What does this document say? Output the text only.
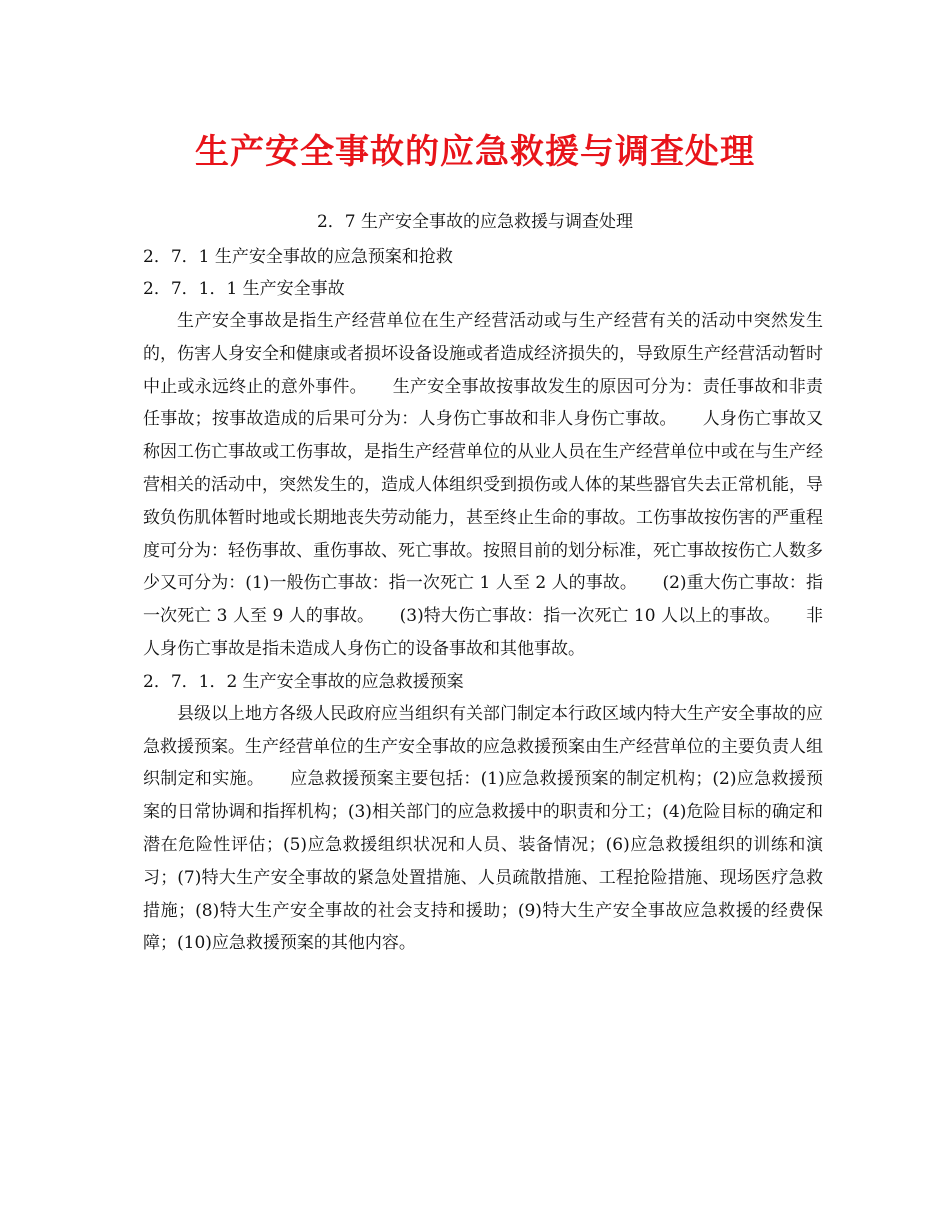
生产安全事故的应急救援与调查处理
2．7 生产安全事故的应急救援与调查处理
2．7．1 生产安全事故的应急预案和抢救
2．7．1．1 生产安全事故

生产安全事故是指生产经营单位在生产经营活动或与生产经营有关的活动中突然发生的，伤害人身安全和健康或者损坏设备设施或者造成经济损失的，导致原生产经营活动暂时中止或永远终止的意外事件。　　生产安全事故按事故发生的原因可分为：责任事故和非责任事故；按事故造成的后果可分为：人身伤亡事故和非人身伤亡事故。　　人身伤亡事故又称因工伤亡事故或工伤事故，是指生产经营单位的从业人员在生产经营单位中或在与生产经营相关的活动中，突然发生的，造成人体组织受到损伤或人体的某些器官失去正常机能，导致负伤肌体暂时地或长期地丧失劳动能力，甚至终止生命的事故。工伤事故按伤害的严重程度可分为：轻伤事故、重伤事故、死亡事故。按照目前的划分标准，死亡事故按伤亡人数多少又可分为：(1)一般伤亡事故：指一次死亡 1 人至 2 人的事故。　　(2)重大伤亡事故：指一次死亡 3 人至 9 人的事故。　　(3)特大伤亡事故：指一次死亡 10 人以上的事故。　　非人身伤亡事故是指未造成人身伤亡的设备事故和其他事故。

2．7．1．2 生产安全事故的应急救援预案

县级以上地方各级人民政府应当组织有关部门制定本行政区域内特大生产安全事故的应急救援预案。生产经营单位的生产安全事故的应急救援预案由生产经营单位的主要负责人组织制定和实施。　　应急救援预案主要包括：(1)应急救援预案的制定机构；(2)应急救援预案的日常协调和指挥机构；(3)相关部门的应急救援中的职责和分工；(4)危险目标的确定和潜在危险性评估；(5)应急救援组织状况和人员、装备情况；(6)应急救援组织的训练和演习；(7)特大生产安全事故的紧急处置措施、人员疏散措施、工程抢险措施、现场医疗急救措施；(8)特大生产安全事故的社会支持和援助；(9)特大生产安全事故应急救援的经费保障；(10)应急救援预案的其他内容。
